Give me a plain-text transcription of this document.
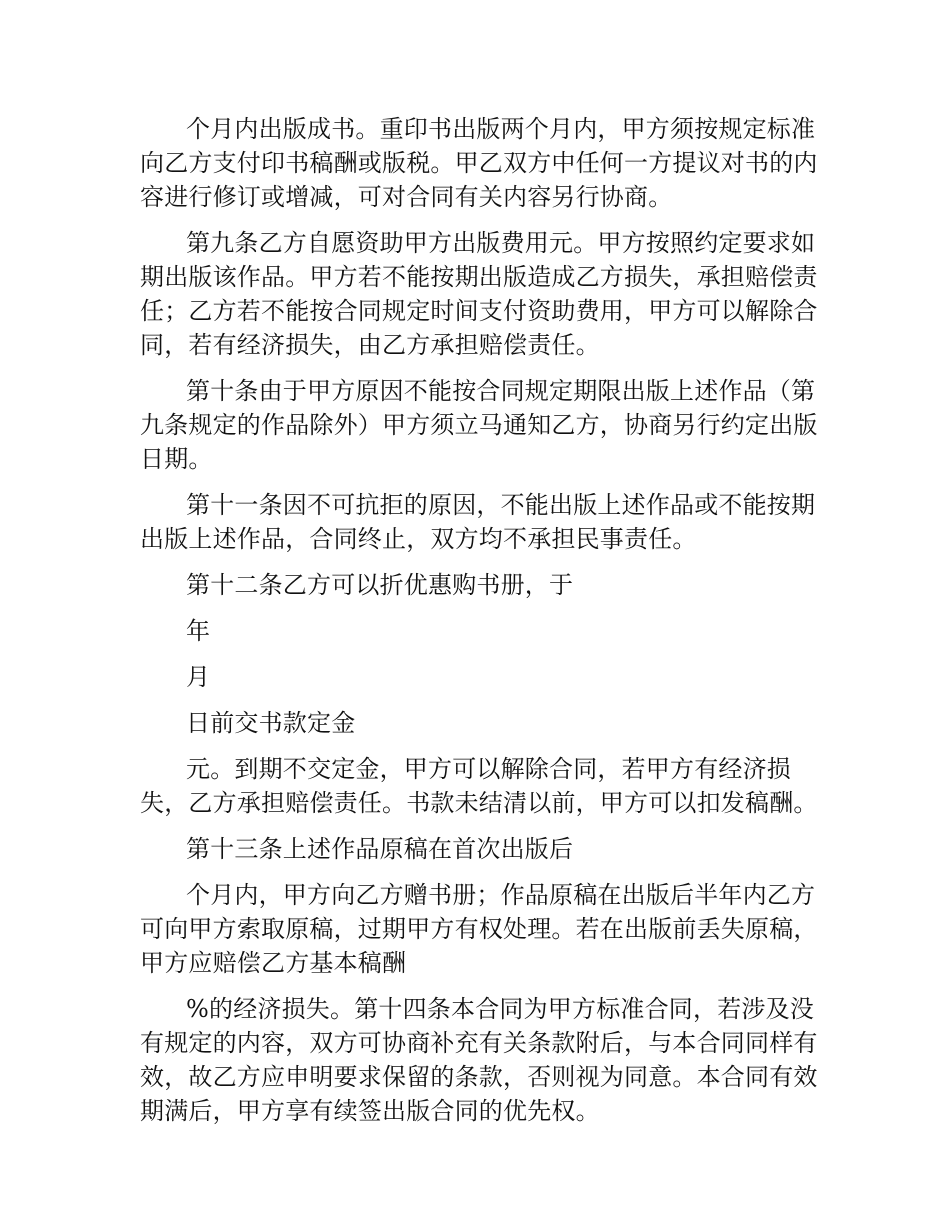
个月内出版成书。重印书出版两个月内，甲方须按规定标准向乙方支付印书稿酬或版税。甲乙双方中任何一方提议对书的内容进行修订或增减，可对合同有关内容另行协商。

第九条乙方自愿资助甲方出版费用元。甲方按照约定要求如期出版该作品。甲方若不能按期出版造成乙方损失，承担赔偿责任；乙方若不能按合同规定时间支付资助费用，甲方可以解除合同，若有经济损失，由乙方承担赔偿责任。

第十条由于甲方原因不能按合同规定期限出版上述作品（第九条规定的作品除外）甲方须立马通知乙方，协商另行约定出版日期。

第十一条因不可抗拒的原因，不能出版上述作品或不能按期出版上述作品，合同终止，双方均不承担民事责任。

第十二条乙方可以折优惠购书册，于

年

月

日前交书款定金

元。到期不交定金，甲方可以解除合同，若甲方有经济损失，乙方承担赔偿责任。书款未结清以前，甲方可以扣发稿酬。

第十三条上述作品原稿在首次出版后

个月内，甲方向乙方赠书册；作品原稿在出版后半年内乙方可向甲方索取原稿，过期甲方有权处理。若在出版前丢失原稿，甲方应赔偿乙方基本稿酬

%的经济损失。第十四条本合同为甲方标准合同，若涉及没有规定的内容，双方可协商补充有关条款附后，与本合同同样有效，故乙方应申明要求保留的条款，否则视为同意。本合同有效期满后，甲方享有续签出版合同的优先权。
